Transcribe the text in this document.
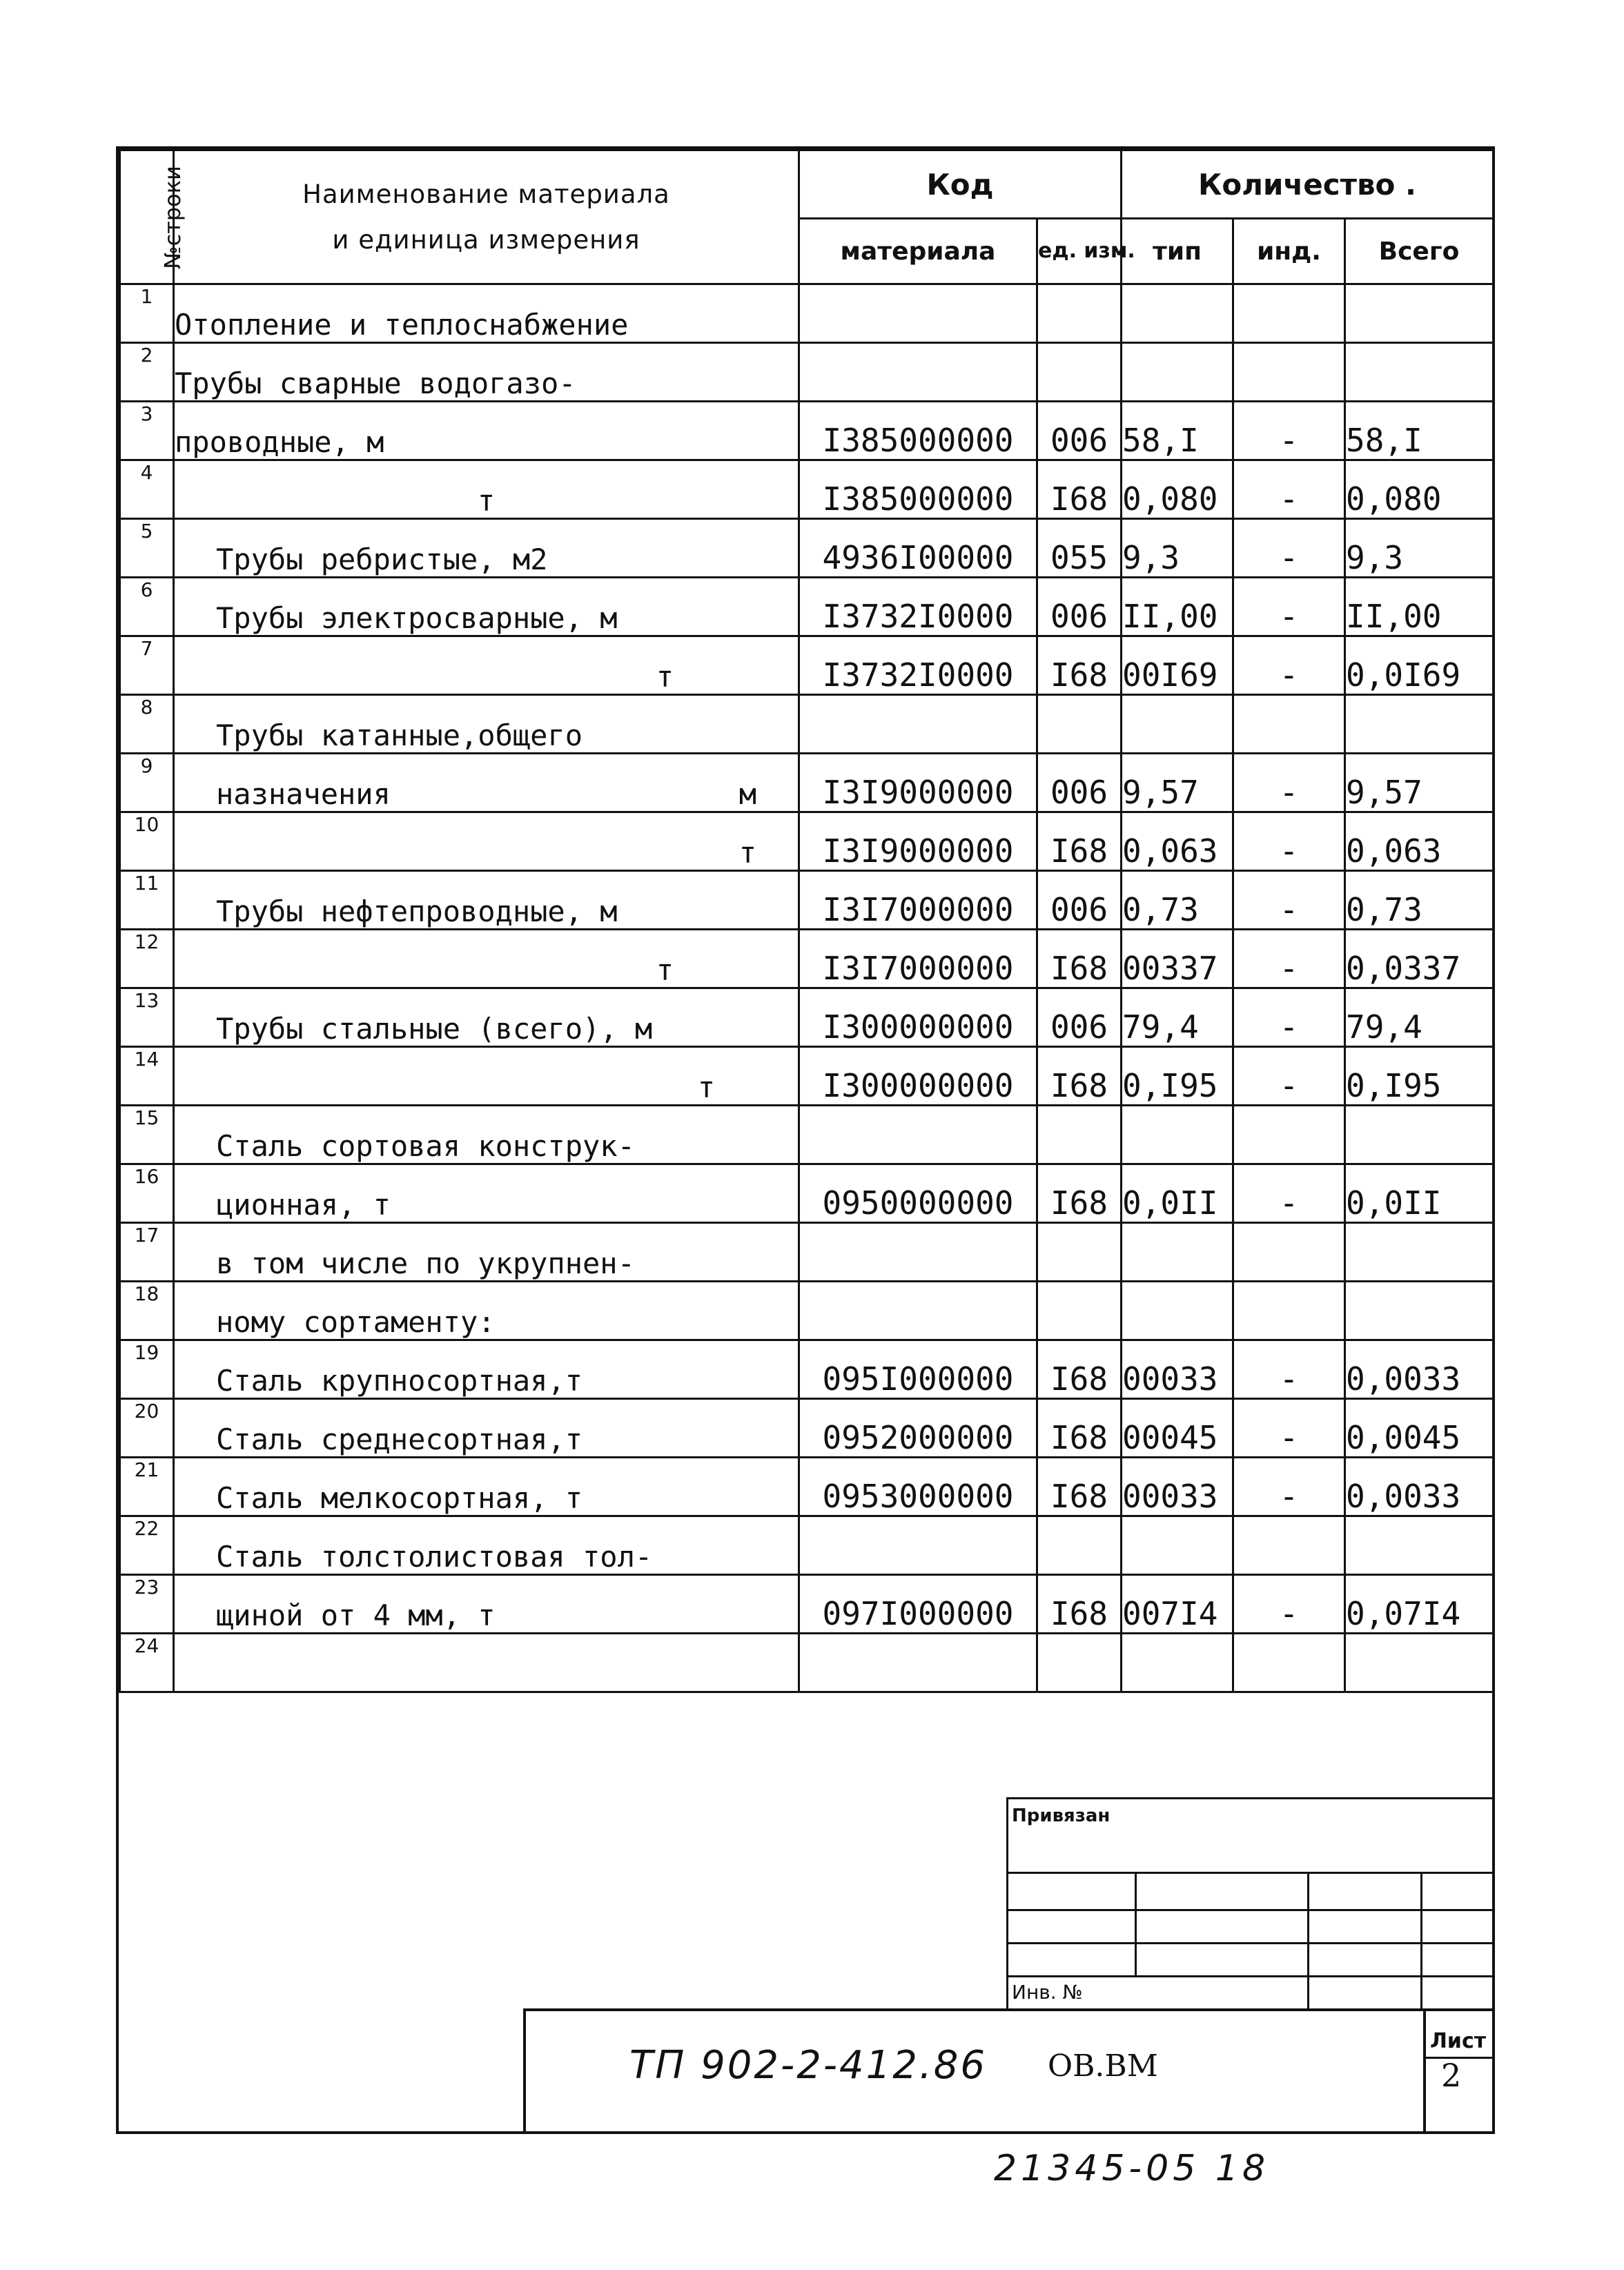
№строки	Наименование материала
и единица измерения	Код		Количество .		
		материала	ед. изм.	тип	инд.	Всего
1	Отопление и теплоснабжение					
2	Трубы сварные водогазо-					
3	проводные, м	I385000000	006	58,I	-	58,I
4	т	I385000000	I68	0,080	-	0,080
5	Трубы ребристые, м2	4936I00000	055	9,3	-	9,3
6	Трубы электросварные, м	I3732I0000	006	II,00	-	II,00
7	т	I3732I0000	I68	00I69	-	0,0I69
8	Трубы катанные,общего					
9	назначения м	I3I9000000	006	9,57	-	9,57
10	т	I3I9000000	I68	0,063	-	0,063
11	Трубы нефтепроводные, м	I3I7000000	006	0,73	-	0,73
12	т	I3I7000000	I68	00337	-	0,0337
13	Трубы стальные (всего), м	I300000000	006	79,4	-	79,4
14	т	I300000000	I68	0,I95	-	0,I95
15	Сталь сортовая конструк-					
16	ционная, т	0950000000	I68	0,0II	-	0,0II
17	в том числе по укрупнен-					
18	ному сортаменту:					
19	Сталь крупносортная,т	095I000000	I68	00033	-	0,0033
20	Сталь среднесортная,т	0952000000	I68	00045	-	0,0045
21	Сталь мелкосортная, т	0953000000	I68	00033	-	0,0033
22	Сталь толстолистовая тол-					
23	щиной от 4 мм, т	097I000000	I68	007I4	-	0,07I4
24						
Привязан
Инв. №
ТП 902-2-412.86 ОВ.ВМ
Лист
2
21345-05 18
